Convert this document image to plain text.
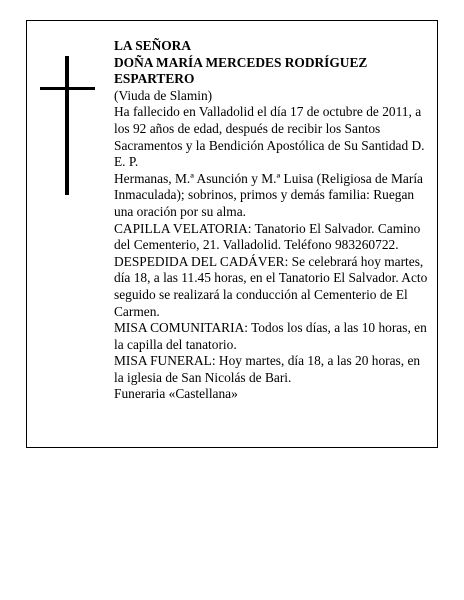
LA SEÑORA

DOÑA MARÍA MERCEDES RODRÍGUEZ ESPARTERO

(Viuda de Slamin)

Ha fallecido en Valladolid el día 17 de octubre de 2011, a los 92 años de edad, después de recibir los Santos Sacramentos y la Bendición Apostólica de Su Santidad D. E. P.

Hermanas, M.ª Asunción y M.ª Luisa (Religiosa de María Inmaculada); sobrinos, primos y demás familia: Ruegan una oración por su alma.

CAPILLA VELATORIA: Tanatorio El Salvador. Camino del Cementerio, 21. Valladolid. Teléfono 983260722.

DESPEDIDA DEL CADÁVER: Se celebrará hoy martes, día 18, a las 11.45 horas, en el Tanatorio El Salvador. Acto seguido se realizará la conducción al Cementerio de El Carmen.

MISA COMUNITARIA: Todos los días, a las 10 horas, en la capilla del tanatorio.

MISA FUNERAL: Hoy martes, día 18, a las 20 horas, en la iglesia de San Nicolás de Bari.

Funeraria «Castellana»
